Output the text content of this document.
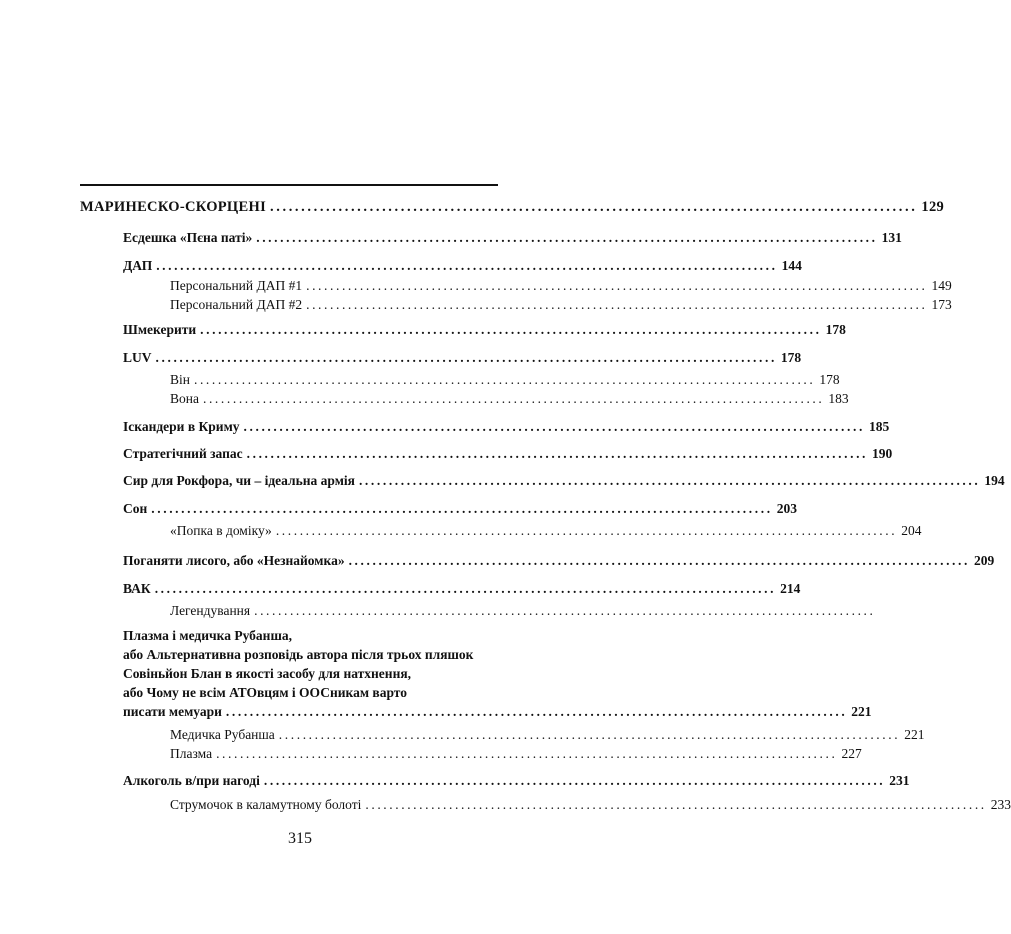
МАРИНЕСКО-СКОРЦЕНІ ........................................................................................................ 129
Есдешка «Пєна паті» ........................................................................................................ 131
ДАП ........................................................................................................ 144
Персональний ДАП #1 ........................................................................................................ 149
Персональний ДАП #2 ........................................................................................................ 173
Шмекерити ........................................................................................................ 178
LUV ........................................................................................................ 178
Він ........................................................................................................ 178
Вона ........................................................................................................ 183
Іскандери в Криму ........................................................................................................ 185
Стратегічний запас ........................................................................................................ 190
Сир для Рокфора, чи – ідеальна армія ........................................................................................................ 194
Сон ........................................................................................................ 203
«Попка в доміку» ........................................................................................................ 204
Поганяти лисого, або «Незнайомка» ........................................................................................................ 209
ВАК ........................................................................................................ 214
Легендування ........................................................................................................
Плазма і медичка Рубанша,
або Альтернативна розповідь автора після трьох пляшок
Совіньйон Блан в якості засобу для натхнення,
або Чому не всім АТОвцям і ООСникам варто
писати мемуари ........................................................................................................ 221
Медичка Рубанша ........................................................................................................ 221
Плазма ........................................................................................................ 227
Алкоголь в/при нагоді ........................................................................................................ 231
Струмочок в каламутному болоті ........................................................................................................ 233
315
